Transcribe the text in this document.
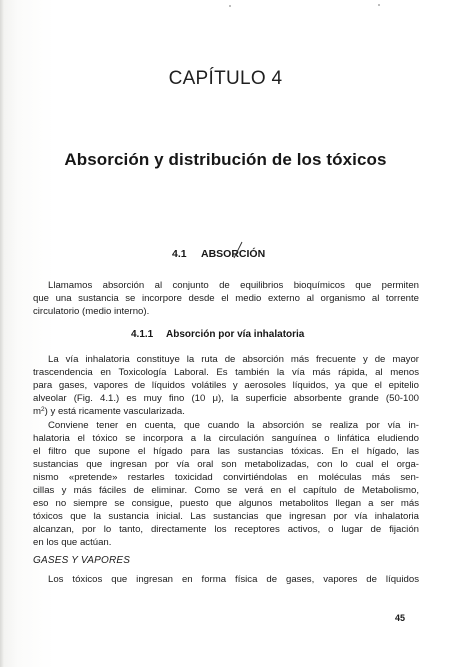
CAPÍTULO 4
Absorción y distribución de los tóxicos
4.1 ABSORCIÓN
Llamamos absorción al conjunto de equilibrios bioquímicos que permiten
que una sustancia se incorpore desde el medio externo al organismo al torrente
circulatorio (medio interno).
4.1.1 Absorción por vía inhalatoria
La vía inhalatoria constituye la ruta de absorción más frecuente y de mayor
trascendencia en Toxicología Laboral. Es también la vía más rápida, al menos
para gases, vapores de líquidos volátiles y aerosoles líquidos, ya que el epitelio
alveolar (Fig. 4.1.) es muy fino (10 μ), la superficie absorbente grande (50-100
$m^2$) y está ricamente vascularizada.
Conviene tener en cuenta, que cuando la absorción se realiza por vía in-
halatoria el tóxico se incorpora a la circulación sanguínea o linfática eludiendo
el filtro que supone el hígado para las sustancias tóxicas. En el hígado, las
sustancias que ingresan por vía oral son metabolizadas, con lo cual el orga-
nismo «pretende» restarles toxicidad convirtiéndolas en moléculas más sen-
cillas y más fáciles de eliminar. Como se verá en el capítulo de Metabolismo,
eso no siempre se consigue, puesto que algunos metabolitos llegan a ser más
tóxicos que la sustancia inicial. Las sustancias que ingresan por vía inhalatoria
alcanzan, por lo tanto, directamente los receptores activos, o lugar de fijación
en los que actúan.
GASES Y VAPORES
Los tóxicos que ingresan en forma física de gases, vapores de líquidos
45
